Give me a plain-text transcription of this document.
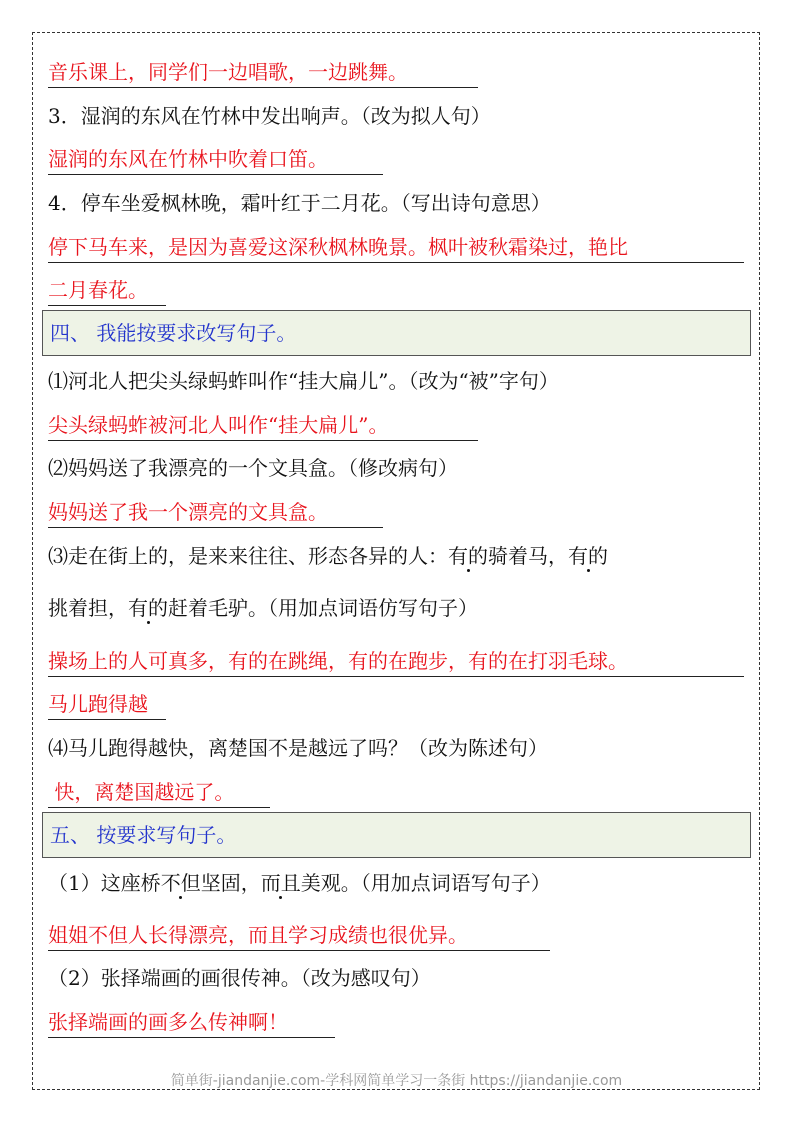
音乐课上，同学们一边唱歌，一边跳舞。
3．湿润的东风在竹林中发出响声。（改为拟人句）
湿润的东风在竹林中吹着口笛。
4．停车坐爱枫林晚，霜叶红于二月花。（写出诗句意思）
停下马车来，是因为喜爱这深秋枫林晚景。枫叶被秋霜染过，艳比
二月春花。
四、 我能按要求改写句子。
⑴河北人把尖头绿蚂蚱叫作“挂大扁儿”。（改为“被”字句）
尖头绿蚂蚱被河北人叫作“挂大扁儿”。
⑵妈妈送了我漂亮的一个文具盒。（修改病句）
妈妈送了我一个漂亮的文具盒。
⑶走在街上的，是来来往往、形态各异的人：有的骑着马，有的
挑着担，有的赶着毛驴。（用加点词语仿写句子）
操场上的人可真多，有的在跳绳，有的在跑步，有的在打羽毛球。
马儿跑得越
⑷马儿跑得越快，离楚国不是越远了吗？（改为陈述句）
快，离楚国越远了。
五、 按要求写句子。
（1）这座桥不但坚固，而且美观。（用加点词语写句子）
姐姐不但人长得漂亮，而且学习成绩也很优异。
（2）张择端画的画很传神。（改为感叹句）
张择端画的画多么传神啊！
简单街-jiandanjie.com-学科网简单学习一条街 https://jiandanjie.com
